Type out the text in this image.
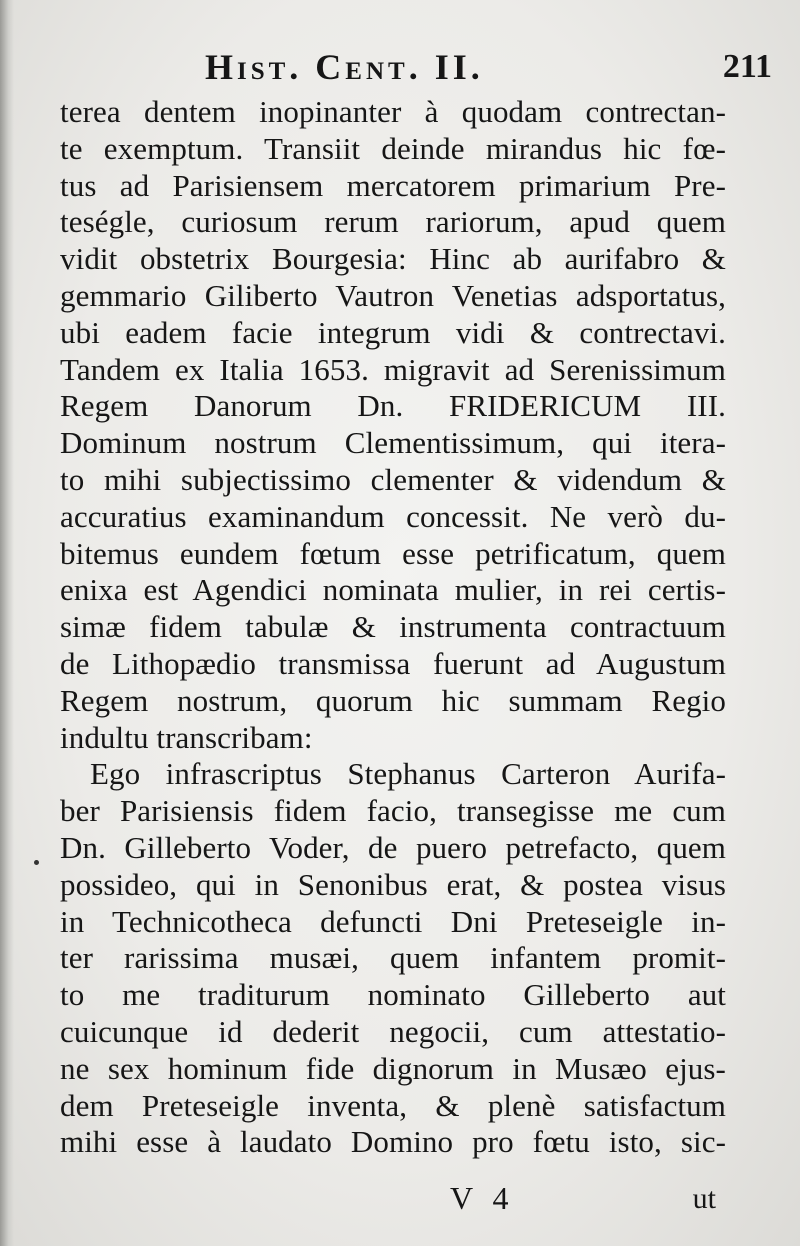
Hist. Cent. II.	211
terea dentem inopinanter à quodam contrectan-
te exemptum. Transiit deinde mirandus hic fœ-
tus ad Parisiensem mercatorem primarium Pre-
teségle, curiosum rerum rariorum, apud quem
vidit obstetrix Bourgesia: Hinc ab aurifabro &
gemmario Giliberto Vautron Venetias adsportatus,
ubi eadem facie integrum vidi & contrectavi.
Tandem ex Italia 1653. migravit ad Serenissimum
Regem Danorum Dn. FRIDERICUM III.
Dominum nostrum Clementissimum, qui itera-
to mihi subjectissimo clementer & videndum &
accuratius examinandum concessit. Ne verò du-
bitemus eundem fœtum esse petrificatum, quem
enixa est Agendici nominata mulier, in rei certis-
simæ fidem tabulæ & instrumenta contractuum
de Lithopædio transmissa fuerunt ad Augustum
Regem nostrum, quorum hic summam Regio
indultu transcribam:
Ego infrascriptus Stephanus Carteron Aurifa-
ber Parisiensis fidem facio, transegisse me cum
Dn. Gilleberto Voder, de puero petrefacto, quem
possideo, qui in Senonibus erat, & postea visus
in Technicotheca defuncti Dni Preteseigle in-
ter rarissima musæi, quem infantem promit-
to me traditurum nominato Gilleberto aut
cuicunque id dederit negocii, cum attestatio-
ne sex hominum fide dignorum in Musæo ejus-
dem Preteseigle inventa, & plenè satisfactum
mihi esse à laudato Domino pro fœtu isto, sic-
V 4	ut
